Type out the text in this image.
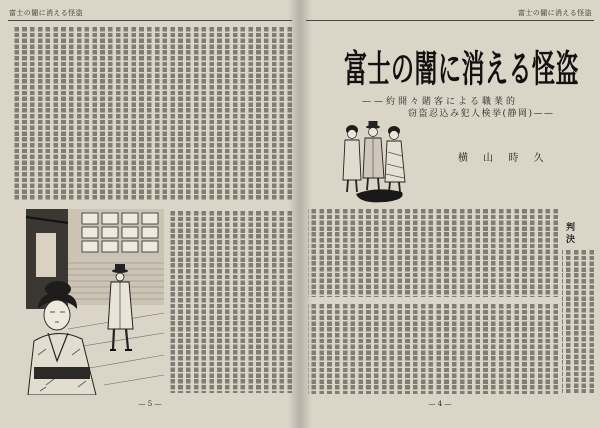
富士の闇に消える怪盗
— 5 —
富士の闇に消える怪盗
富士の闇に消える怪盗
——約開々賭客による職業的
窃盗忍込み犯人検挙(静岡)——
横 山 時 久
判 決
— 4 —
